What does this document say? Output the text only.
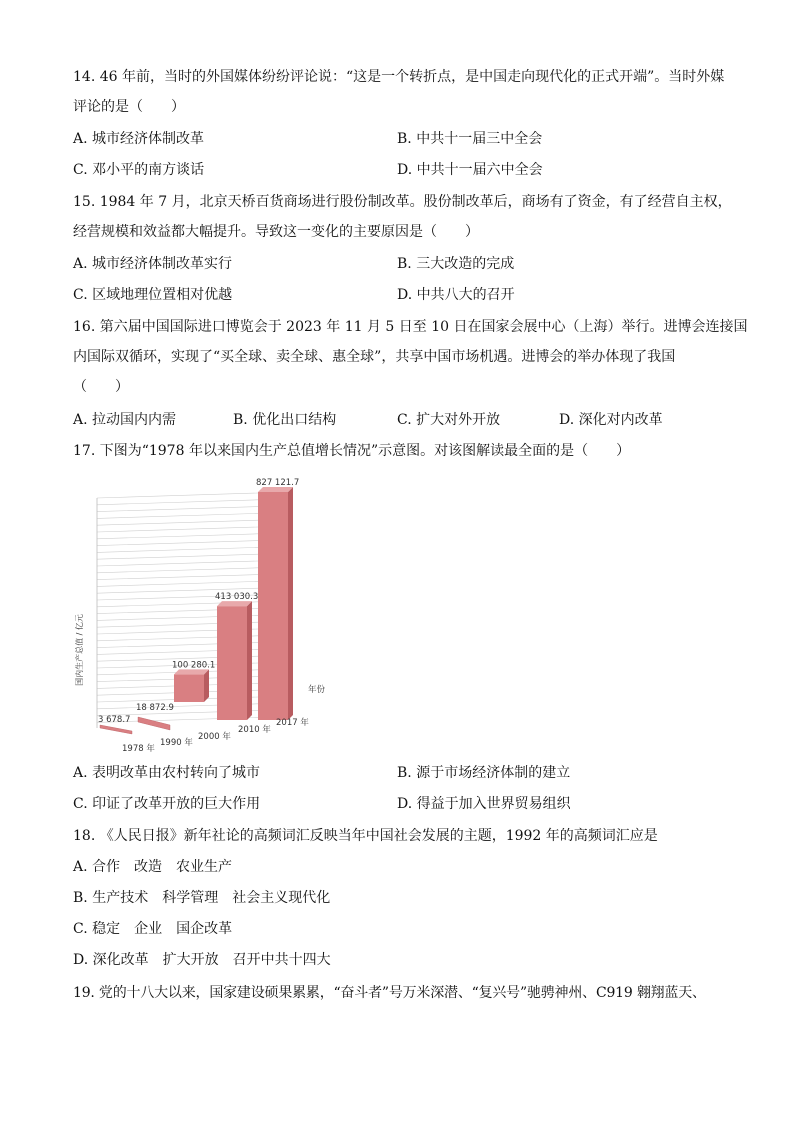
14. 46 年前，当时的外国媒体纷纷评论说：“这是一个转折点，是中国走向现代化的正式开端”。当时外媒
评论的是（　　）
A. 城市经济体制改革	B. 中共十一届三中全会
C. 邓小平的南方谈话	D. 中共十一届六中全会
15. 1984 年 7 月，北京天桥百货商场进行股份制改革。股份制改革后，商场有了资金，有了经营自主权，
经营规模和效益都大幅提升。导致这一变化的主要原因是（　　）
A. 城市经济体制改革实行	B. 三大改造的完成
C. 区域地理位置相对优越	D. 中共八大的召开
16. 第六届中国国际进口博览会于 2023 年 11 月 5 日至 10 日在国家会展中心（上海）举行。进博会连接国
内国际双循环，实现了“买全球、卖全球、惠全球”，共享中国市场机遇。进博会的举办体现了我国
（　　）
A. 拉动国内内需	B. 优化出口结构	C. 扩大对外开放	D. 深化对内改革
17. 下图为“1978 年以来国内生产总值增长情况”示意图。对该图解读最全面的是（　　）
国内生产总值 / 亿元
年份
3 678.7
18 872.9
100 280.1
413 030.3
827 121.7
1978 年
1990 年
2000 年
2010 年
2017 年
A. 表明改革由农村转向了城市	B. 源于市场经济体制的建立
C. 印证了改革开放的巨大作用	D. 得益于加入世界贸易组织
18. 《人民日报》新年社论的高频词汇反映当年中国社会发展的主题，1992 年的高频词汇应是
A. 合作　改造　农业生产
B. 生产技术　科学管理　社会主义现代化
C. 稳定　企业　国企改革
D. 深化改革　扩大开放　召开中共十四大
19. 党的十八大以来，国家建设硕果累累，“奋斗者”号万米深潜、“复兴号”驰骋神州、C919 翱翔蓝天、
